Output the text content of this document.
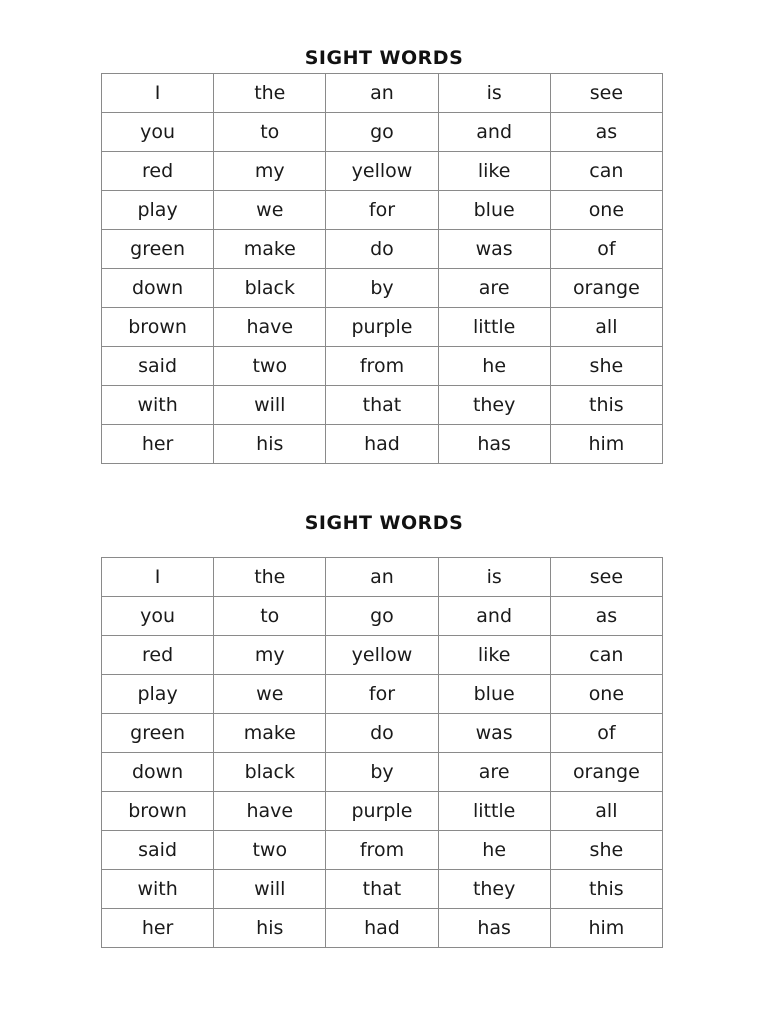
SIGHT WORDS
I	the	an	is	see
you	to	go	and	as
red	my	yellow	like	can
play	we	for	blue	one
green	make	do	was	of
down	black	by	are	orange
brown	have	purple	little	all
said	two	from	he	she
with	will	that	they	this
her	his	had	has	him
SIGHT WORDS
I	the	an	is	see
you	to	go	and	as
red	my	yellow	like	can
play	we	for	blue	one
green	make	do	was	of
down	black	by	are	orange
brown	have	purple	little	all
said	two	from	he	she
with	will	that	they	this
her	his	had	has	him
